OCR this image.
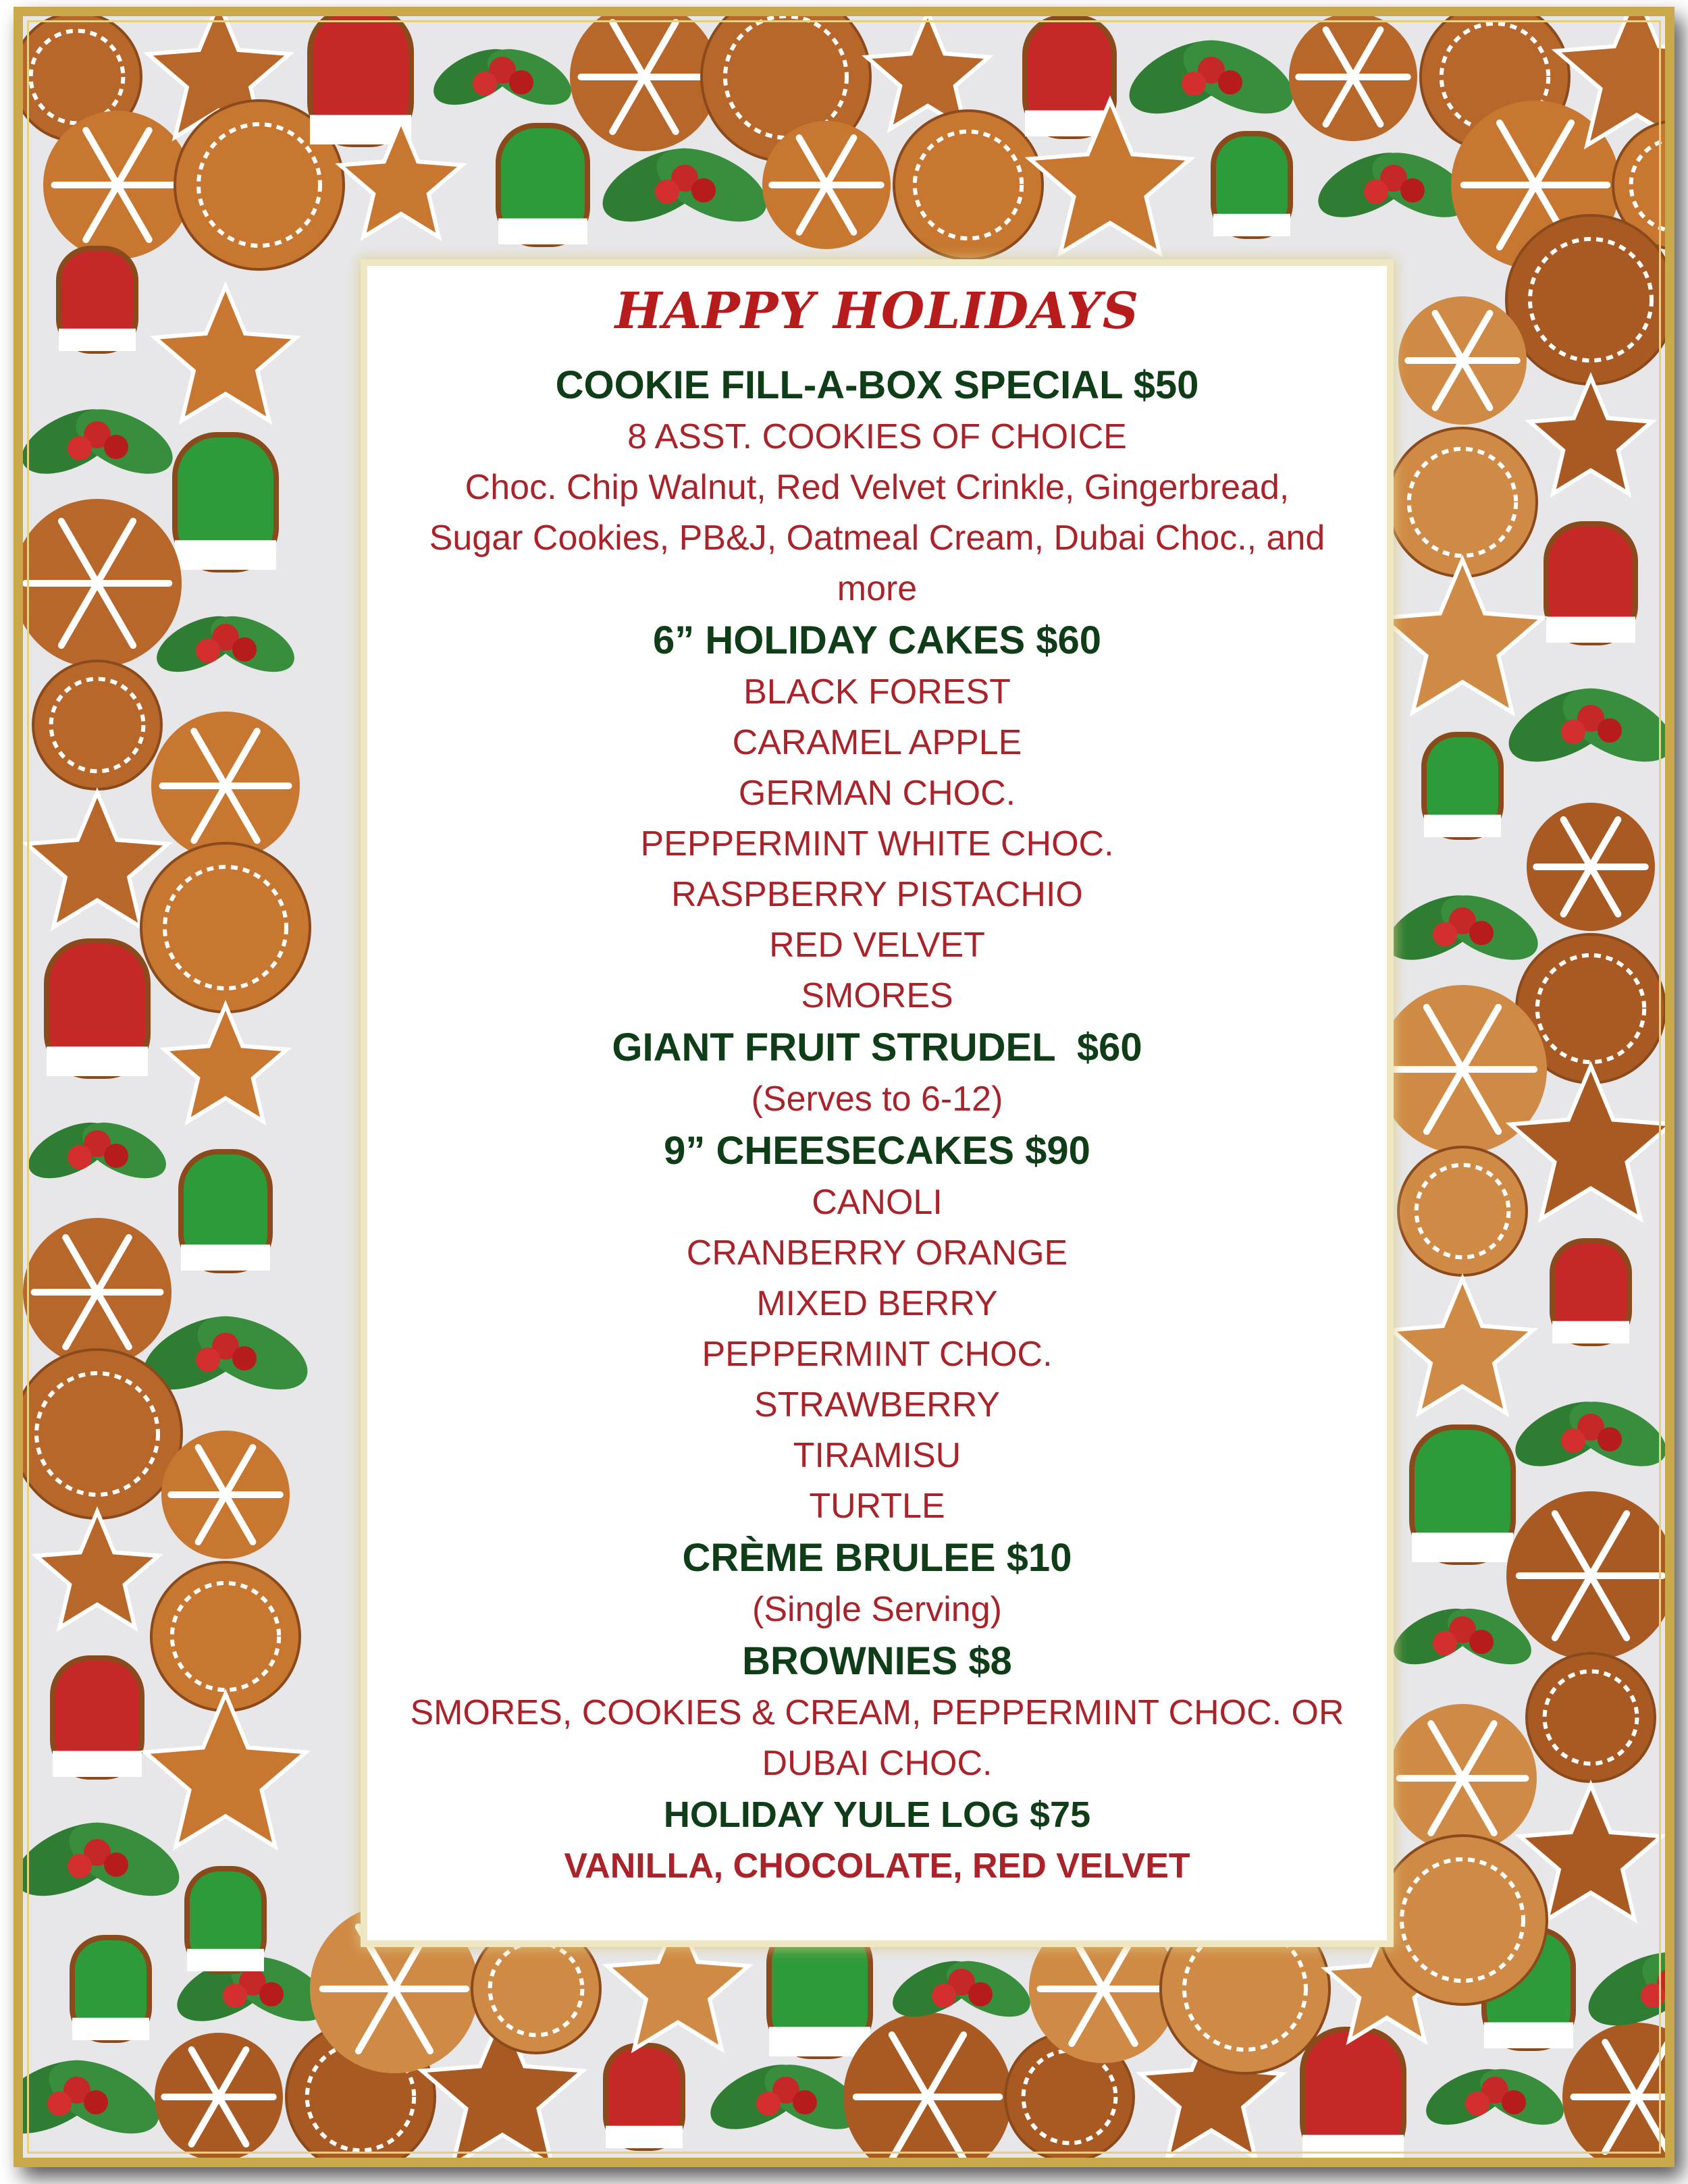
HAPPY HOLIDAYS
COOKIE FILL-A-BOX SPECIAL $50
8 ASST. COOKIES OF CHOICE
Choc. Chip Walnut, Red Velvet Crinkle, Gingerbread,
Sugar Cookies, PB&J, Oatmeal Cream, Dubai Choc., and
more
6” HOLIDAY CAKES $60
BLACK FOREST
CARAMEL APPLE
GERMAN CHOC.
PEPPERMINT WHITE CHOC.
RASPBERRY PISTACHIO
RED VELVET
SMORES
GIANT FRUIT STRUDEL  $60
(Serves to 6-12)
9” CHEESECAKES $90
CANOLI
CRANBERRY ORANGE
MIXED BERRY
PEPPERMINT CHOC.
STRAWBERRY
TIRAMISU
TURTLE
CRÈME BRULEE $10
(Single Serving)
BROWNIES $8
SMORES, COOKIES & CREAM, PEPPERMINT CHOC. OR
DUBAI CHOC.
HOLIDAY YULE LOG $75
VANILLA, CHOCOLATE, RED VELVET
